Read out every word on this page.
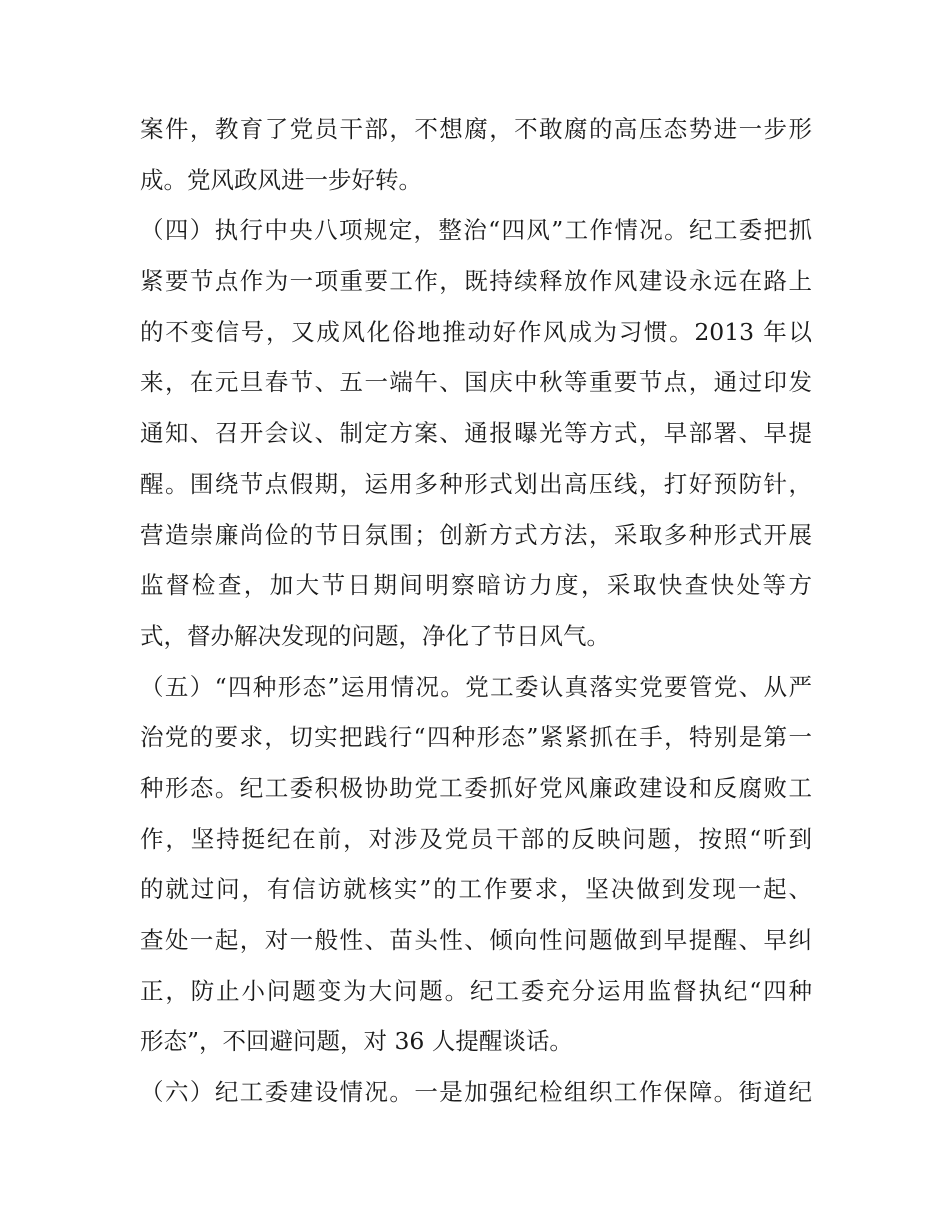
案件，教育了党员干部，不想腐，不敢腐的高压态势进一步形
成。党风政风进一步好转。
（四）执行中央八项规定，整治“四风”工作情况。纪工委把抓
紧要节点作为一项重要工作，既持续释放作风建设永远在路上
的不变信号，又成风化俗地推动好作风成为习惯。2013 年以
来，在元旦春节、五一端午、国庆中秋等重要节点，通过印发
通知、召开会议、制定方案、通报曝光等方式，早部署、早提
醒。围绕节点假期，运用多种形式划出高压线，打好预防针，
营造崇廉尚俭的节日氛围；创新方式方法，采取多种形式开展
监督检查，加大节日期间明察暗访力度，采取快查快处等方
式，督办解决发现的问题，净化了节日风气。
（五）“四种形态”运用情况。党工委认真落实党要管党、从严
治党的要求，切实把践行“四种形态”紧紧抓在手，特别是第一
种形态。纪工委积极协助党工委抓好党风廉政建设和反腐败工
作，坚持挺纪在前，对涉及党员干部的反映问题，按照“听到
的就过问，有信访就核实”的工作要求，坚决做到发现一起、
查处一起，对一般性、苗头性、倾向性问题做到早提醒、早纠
正，防止小问题变为大问题。纪工委充分运用监督执纪“四种
形态”，不回避问题，对 36 人提醒谈话。
（六）纪工委建设情况。一是加强纪检组织工作保障。街道纪
